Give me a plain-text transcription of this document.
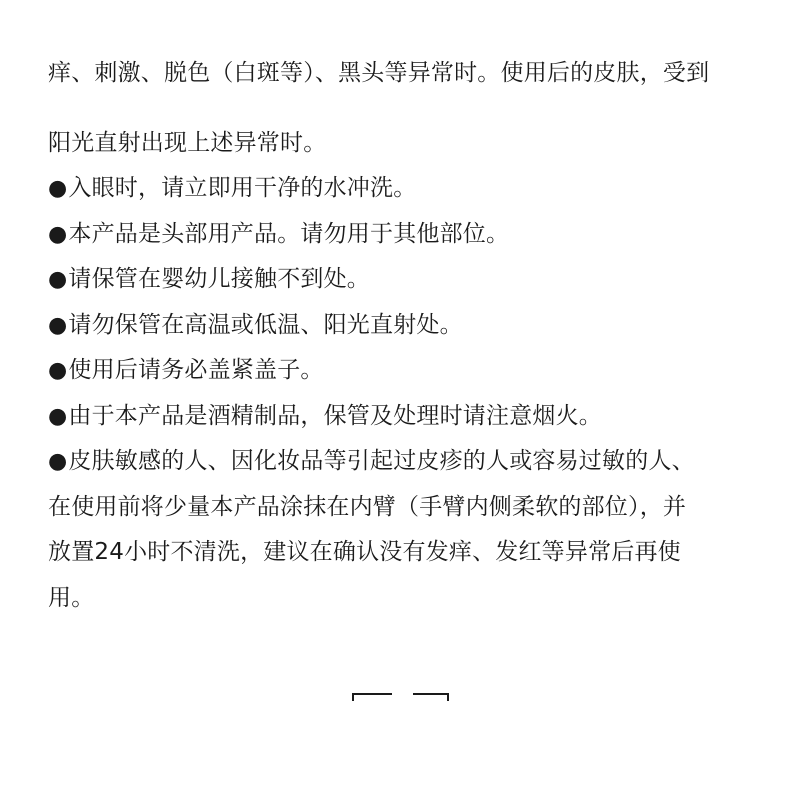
痒、刺激、脱色（白斑等）、黑头等异常时。使用后的皮肤，受到
阳光直射出现上述异常时。
●入眼时，请立即用干净的水冲洗。
●本产品是头部用产品。请勿用于其他部位。
●请保管在婴幼儿接触不到处。
●请勿保管在高温或低温、阳光直射处。
●使用后请务必盖紧盖子。
●由于本产品是酒精制品，保管及处理时请注意烟火。
●皮肤敏感的人、因化妆品等引起过皮疹的人或容易过敏的人、
在使用前将少量本产品涂抹在内臂（手臂内侧柔软的部位），并
放置24小时不清洗，建议在确认没有发痒、发红等异常后再使
用。
